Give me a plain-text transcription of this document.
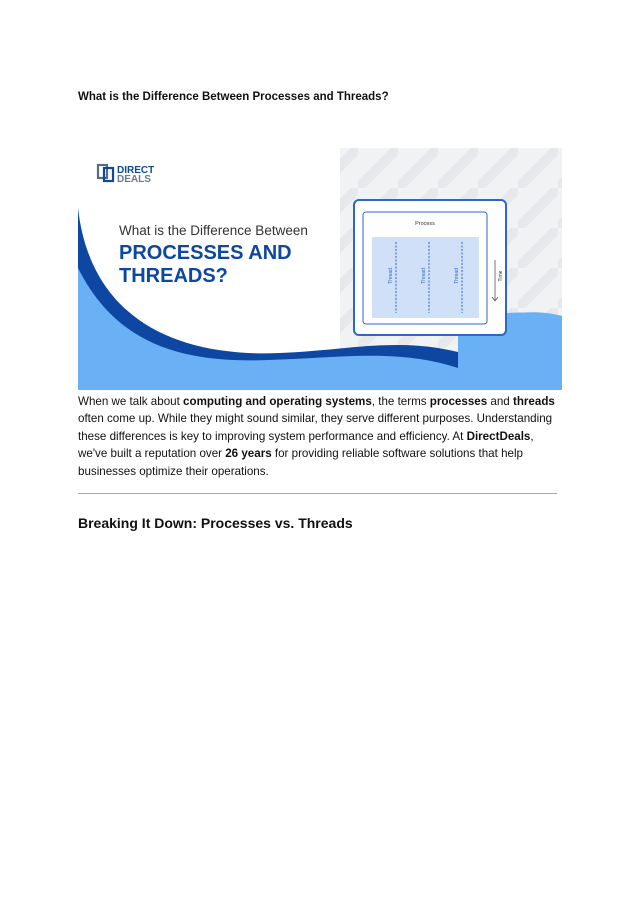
What is the Difference Between Processes and Threads?
DIRECT
DEALS
What is the Difference Between
PROCESSES AND
THREADS?
Process
Thread	Thread	Thread	Time

When we talk about computing and operating systems, the terms processes and threads often come up. While they might sound similar, they serve different purposes. Understanding these differences is key to improving system performance and efficiency. At DirectDeals, we've built a reputation over 26 years for providing reliable software solutions that help businesses optimize their operations.

Breaking It Down: Processes vs. Threads
